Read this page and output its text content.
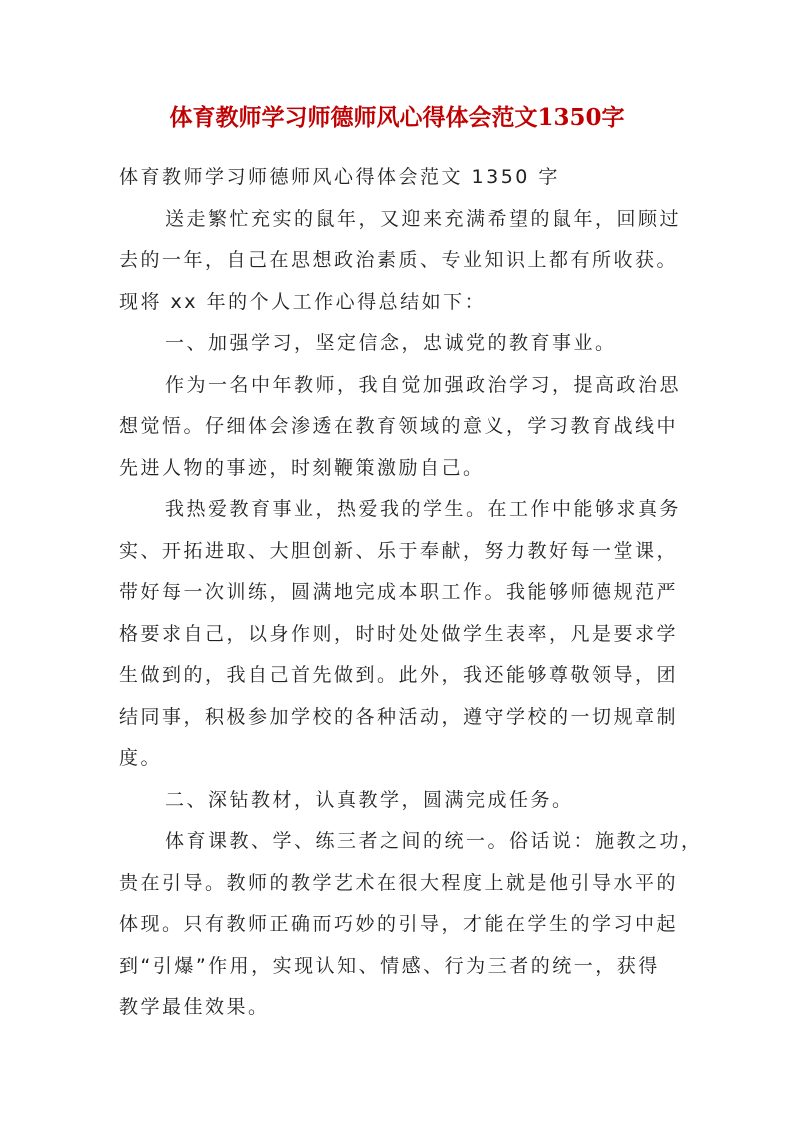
体育教师学习师德师风心得体会范文1350字

体育教师学习师德师风心得体会范文 1350 字

送走繁忙充实的鼠年，又迎来充满希望的鼠年，回顾过

去的一年，自己在思想政治素质、专业知识上都有所收获。

现将 xx 年的个人工作心得总结如下：

一、加强学习，坚定信念，忠诚党的教育事业。

作为一名中年教师，我自觉加强政治学习，提高政治思

想觉悟。仔细体会渗透在教育领域的意义，学习教育战线中

先进人物的事迹，时刻鞭策激励自己。

我热爱教育事业，热爱我的学生。在工作中能够求真务

实、开拓进取、大胆创新、乐于奉献，努力教好每一堂课，

带好每一次训练，圆满地完成本职工作。我能够师德规范严

格要求自己，以身作则，时时处处做学生表率，凡是要求学

生做到的，我自己首先做到。此外，我还能够尊敬领导，团

结同事，积极参加学校的各种活动，遵守学校的一切规章制

度。

二、深钻教材，认真教学，圆满完成任务。

体育课教、学、练三者之间的统一。俗话说：施教之功，

贵在引导。教师的教学艺术在很大程度上就是他引导水平的

体现。只有教师正确而巧妙的引导，才能在学生的学习中起

到“引爆”作用，实现认知、情感、行为三者的统一，获得

教学最佳效果。
